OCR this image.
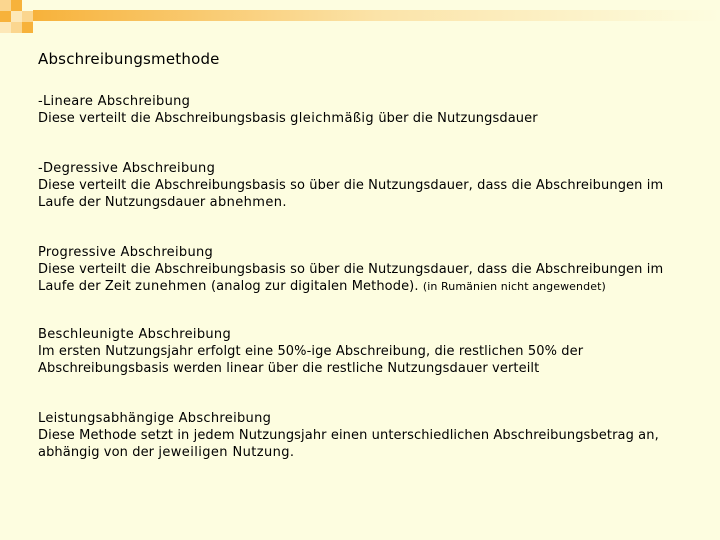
Abschreibungsmethode
-Lineare Abschreibung
Diese verteilt die Abschreibungsbasis gleichmäßig über die Nutzungsdauer
-Degressive Abschreibung
Diese verteilt die Abschreibungsbasis so über die Nutzungsdauer, dass die Abschreibungen im Laufe der Nutzungsdauer abnehmen.
Progressive Abschreibung
Diese verteilt die Abschreibungsbasis so über die Nutzungsdauer, dass die Abschreibungen im Laufe der Zeit zunehmen (analog zur digitalen Methode). (in Rumänien nicht angewendet)
Beschleunigte Abschreibung
Im ersten Nutzungsjahr erfolgt eine 50%-ige Abschreibung, die restlichen 50% der Abschreibungsbasis werden linear über die restliche Nutzungsdauer verteilt
Leistungsabhängige Abschreibung
Diese Methode setzt in jedem Nutzungsjahr einen unterschiedlichen Abschreibungsbetrag an, abhängig von der jeweiligen Nutzung.
